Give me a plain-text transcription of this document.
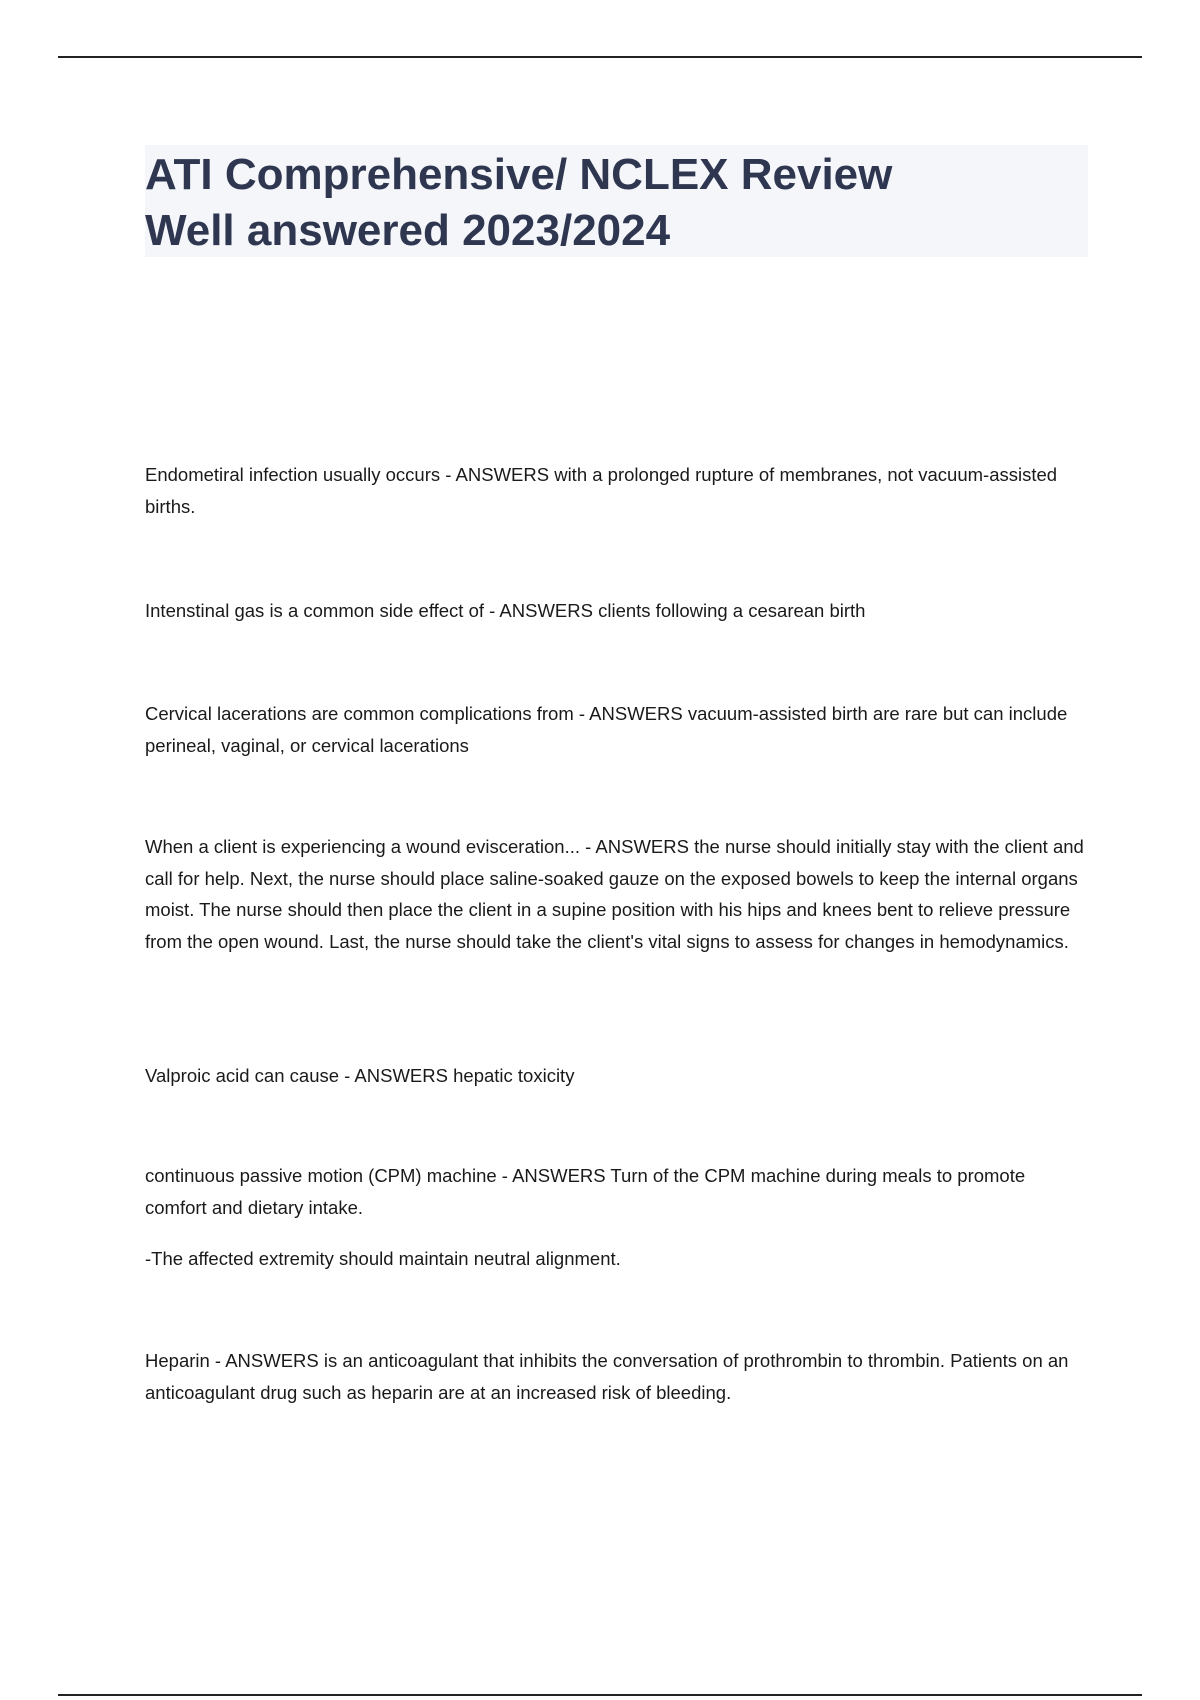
ATI Comprehensive/ NCLEX Review
Well answered 2023/2024

Endometiral infection usually occurs - ANSWERS with a prolonged rupture of membranes, not vacuum-assisted births.

Intenstinal gas is a common side effect of - ANSWERS clients following a cesarean birth

Cervical lacerations are common complications from - ANSWERS vacuum-assisted birth are rare but can include perineal, vaginal, or cervical lacerations

When a client is experiencing a wound evisceration... - ANSWERS the nurse should initially stay with the client and call for help. Next, the nurse should place saline-soaked gauze on the exposed bowels to keep the internal organs moist. The nurse should then place the client in a supine position with his hips and knees bent to relieve pressure from the open wound. Last, the nurse should take the client's vital signs to assess for changes in hemodynamics.

Valproic acid can cause - ANSWERS hepatic toxicity

continuous passive motion (CPM) machine - ANSWERS Turn of the CPM machine during meals to promote comfort and dietary intake.

-The affected extremity should maintain neutral alignment.

Heparin - ANSWERS is an anticoagulant that inhibits the conversation of prothrombin to thrombin. Patients on an anticoagulant drug such as heparin are at an increased risk of bleeding.
